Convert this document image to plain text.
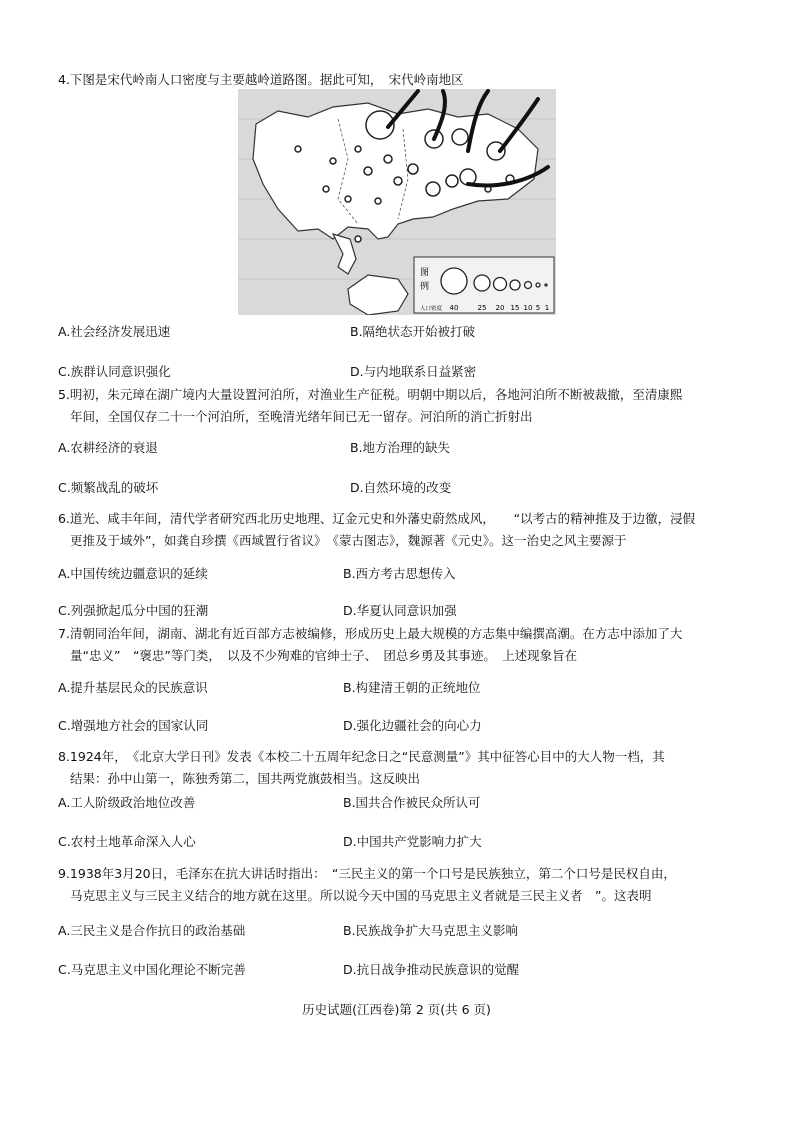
4.下图是宋代岭南人口密度与主要越岭道路图。据此可知，　宋代岭南地区
图
例
人口密度 40	25 20 15 10 5 1
A.社会经济发展迅速	B.隔绝状态开始被打破
C.族群认同意识强化	D.与内地联系日益紧密
5.明初，朱元璋在湖广境内大量设置河泊所，对渔业生产征税。明朝中期以后，各地河泊所不断被裁撤，至清康熙
年间，全国仅存二十一个河泊所，至晚清光绪年间已无一留存。河泊所的消亡折射出
A.农耕经济的衰退	B.地方治理的缺失
C.频繁战乱的破坏	D.自然环境的改变
6.道光、咸丰年间，清代学者研究西北历史地理、辽金元史和外藩史蔚然成风，　　“以考古的精神推及于边徼，浸假
更推及于域外”，如龚自珍撰《西域置行省议》　《蒙古图志》，魏源著《元史》。这一治史之风主要源于
A.中国传统边疆意识的延续	B.西方考古思想传入
C.列强掀起瓜分中国的狂潮	D.华夏认同意识加强
7.清朝同治年间，湖南、湖北有近百部方志被编修，形成历史上最大规模的方志集中编撰高潮。在方志中添加了大
量“忠义”　“褒忠”等门类，　以及不少殉难的官绅士子、　团总乡勇及其事迹。　上述现象旨在
A.提升基层民众的民族意识	B.构建清王朝的正统地位
C.增强地方社会的国家认同	D.强化边疆社会的向心力
8.1924年，　《北京大学日刊》发表《本校二十五周年纪念日之“民意测量”》其中征答心目中的大人物一档，其
结果：孙中山第一，陈独秀第二，国共两党旗鼓相当。这反映出
A.工人阶级政治地位改善	B.国共合作被民众所认可
C.农村土地革命深入人心	D.中国共产党影响力扩大
9.1938年3月20日，毛泽东在抗大讲话时指出：　“三民主义的第一个口号是民族独立，第二个口号是民权自由，
马克思主义与三民主义结合的地方就在这里。所以说今天中国的马克思主义者就是三民主义者　”。这表明
A.三民主义是合作抗日的政治基础	B.民族战争扩大马克思主义影响
C.马克思主义中国化理论不断完善	D.抗日战争推动民族意识的觉醒
历史试题(江西卷)第 2 页(共 6 页)
